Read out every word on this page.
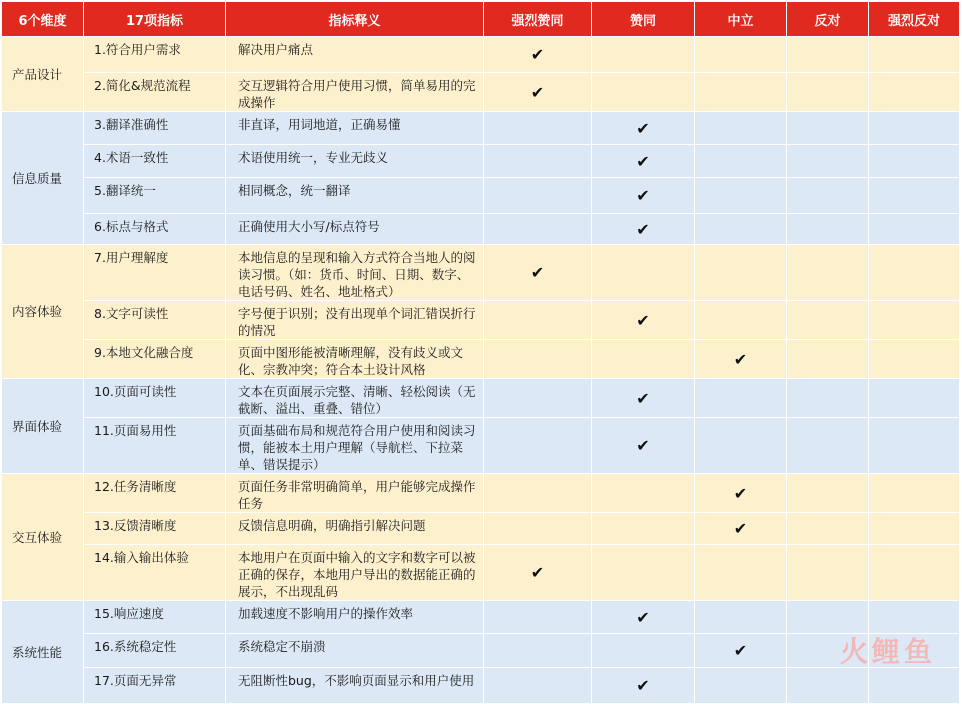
6个维度	17项指标	指标释义	强烈赞同	赞同	中立	反对	强烈反对
产品设计	1.符合用户需求	解决用户痛点	✔				
	2.简化&规范流程	交互逻辑符合用户使用习惯，简单易用的完成操作	✔				
信息质量	3.翻译准确性	非直译，用词地道，正确易懂		✔			
	4.术语一致性	术语使用统一，专业无歧义		✔			
	5.翻译统一	相同概念，统一翻译		✔			
	6.标点与格式	正确使用大小写/标点符号		✔			
内容体验	7.用户理解度	本地信息的呈现和输入方式符合当地人的阅读习惯。（如：货币、时间、日期、数字、电话号码、姓名、地址格式）	✔				
	8.文字可读性	字号便于识别；没有出现单个词汇错误折行的情况		✔			
	9.本地文化融合度	页面中图形能被清晰理解，没有歧义或文化、宗教冲突；符合本土设计风格			✔		
界面体验	10.页面可读性	文本在页面展示完整、清晰、轻松阅读（无截断、溢出、重叠、错位）		✔			
	11.页面易用性	页面基础布局和规范符合用户使用和阅读习惯，能被本土用户理解（导航栏、下拉菜单、错误提示）		✔			
交互体验	12.任务清晰度	页面任务非常明确简单，用户能够完成操作任务			✔		
	13.反馈清晰度	反馈信息明确，明确指引解决问题			✔		
	14.输入输出体验	本地用户在页面中输入的文字和数字可以被正确的保存，本地用户导出的数据能正确的展示，不出现乱码	✔				
系统性能	15.响应速度	加载速度不影响用户的操作效率		✔			
	16.系统稳定性	系统稳定不崩溃			✔		
	17.页面无异常	无阻断性bug，不影响页面显示和用户使用		✔			
火鲤鱼
